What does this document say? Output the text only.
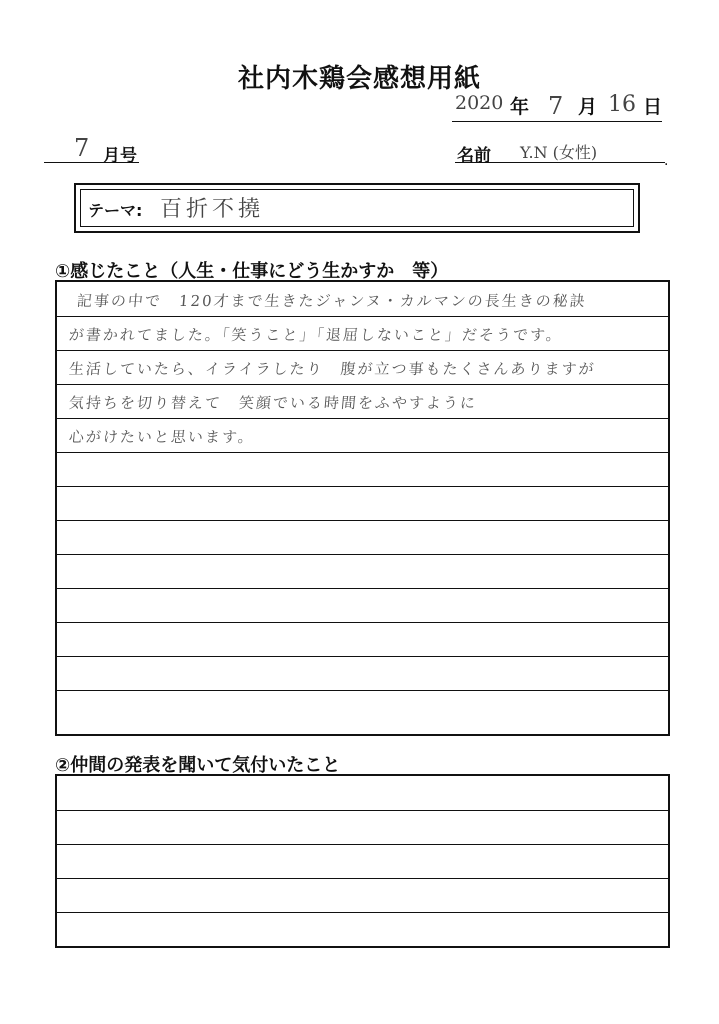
社内木鶏会感想用紙
2020 年 7 月 16 日
7 月号	名前 Y.N (女性)	.
テーマ: 百折不撓
①感じたこと（人生・仕事にどう生かすか　等）
記事の中で　120才まで生きたジャンヌ・カルマンの長生きの秘訣
が書かれてました。「笑うこと」「退屈しないこと」だそうです。
生活していたら、イライラしたり　腹が立つ事もたくさんありますが
気持ちを切り替えて　笑顔でいる時間をふやすように
心がけたいと思います。
②仲間の発表を聞いて気付いたこと
